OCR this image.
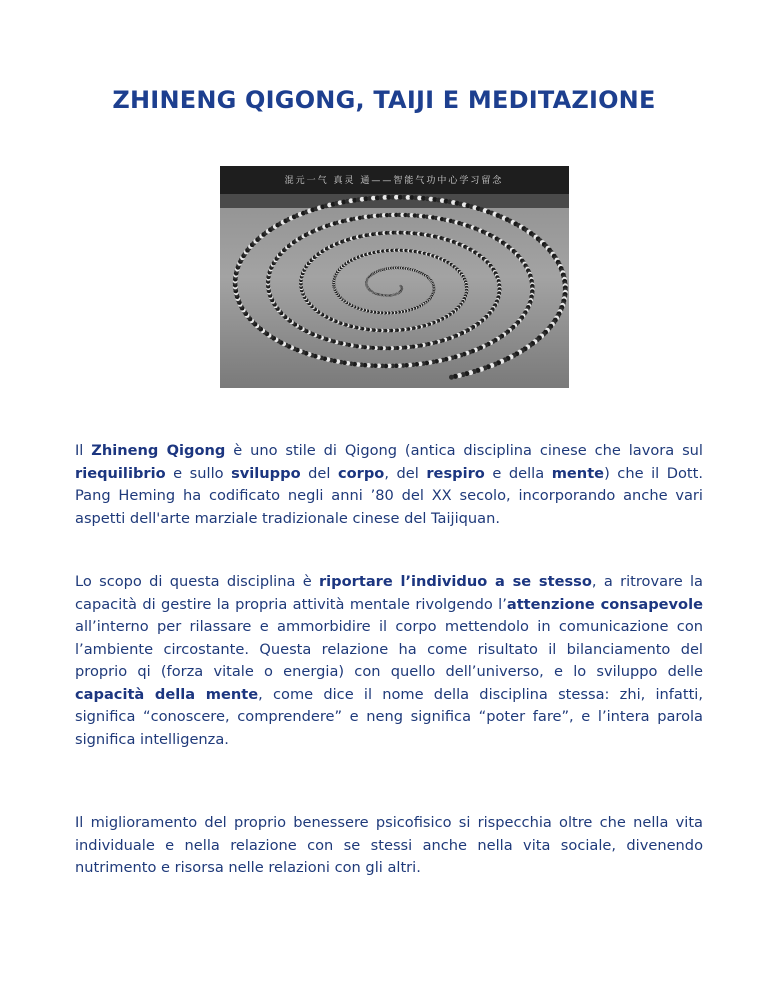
ZHINENG QIGONG, TAIJI E MEDITAZIONE
混元一气 真灵 通——智能气功中心学习留念

Il Zhineng Qigong è uno stile di Qigong (antica disciplina cinese che lavora sul riequilibrio e sullo sviluppo del corpo, del respiro e della mente) che il Dott. Pang Heming ha codificato negli anni ’80 del XX secolo, incorporando anche vari aspetti dell'arte marziale tradizionale cinese del Taijiquan.

Lo scopo di questa disciplina è riportare l’individuo a se stesso, a ritrovare la capacità di gestire la propria attività mentale rivolgendo l’attenzione consapevole all’interno per rilassare e ammorbidire il corpo mettendolo in comunicazione con l’ambiente circostante. Questa relazione ha come risultato il bilanciamento del proprio qi (forza vitale o energia) con quello dell’universo, e lo sviluppo delle capacità della mente, come dice il nome della disciplina stessa: zhi, infatti, significa “conoscere, comprendere” e neng significa “poter fare”, e l’intera parola significa intelligenza.

Il miglioramento del proprio benessere psicofisico si rispecchia oltre che nella vita individuale e nella relazione con se stessi anche nella vita sociale, divenendo nutrimento e risorsa nelle relazioni con gli altri.
